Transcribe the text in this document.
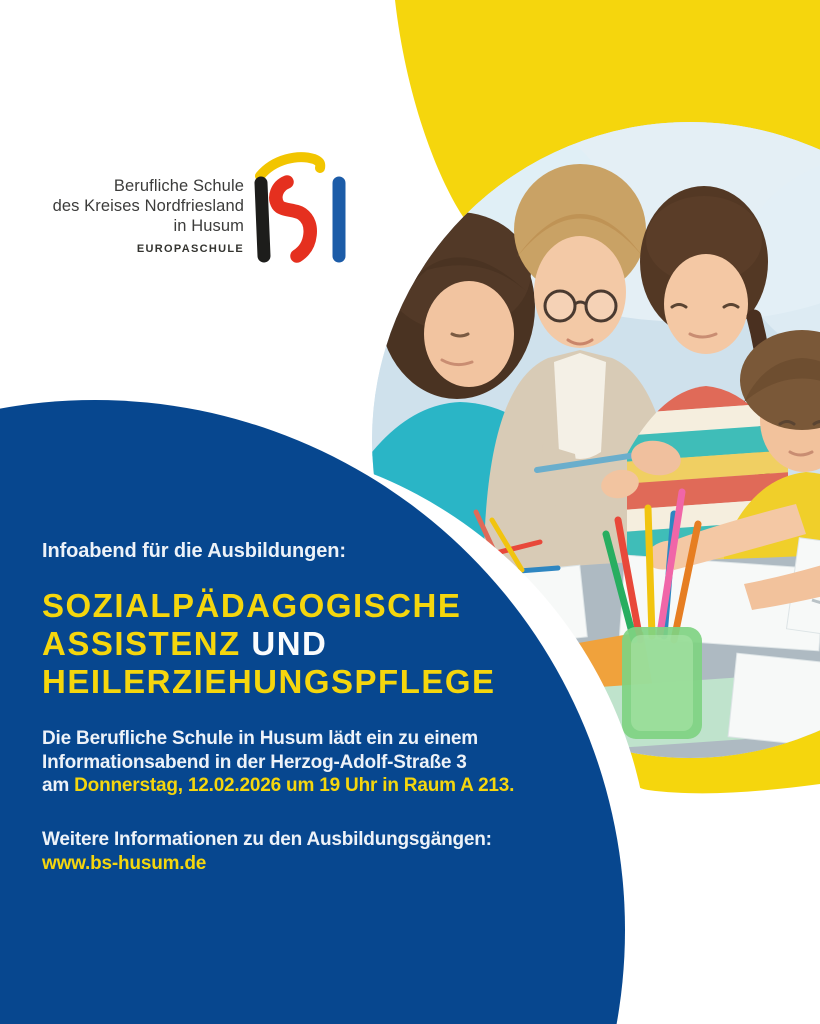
Berufliche Schule
des Kreises Nordfriesland
in Husum
EUROPASCHULE

Infoabend für die Ausbildungen:

SOZIALPÄDAGOGISCHE
ASSISTENZ UND
HEILERZIEHUNGSPFLEGE

Die Berufliche Schule in Husum lädt ein zu einem
Informationsabend in der Herzog-Adolf-Straße 3
am Donnerstag, 12.02.2026 um 19 Uhr in Raum A 213.

Weitere Informationen zu den Ausbildungsgängen:
www.bs-husum.de
